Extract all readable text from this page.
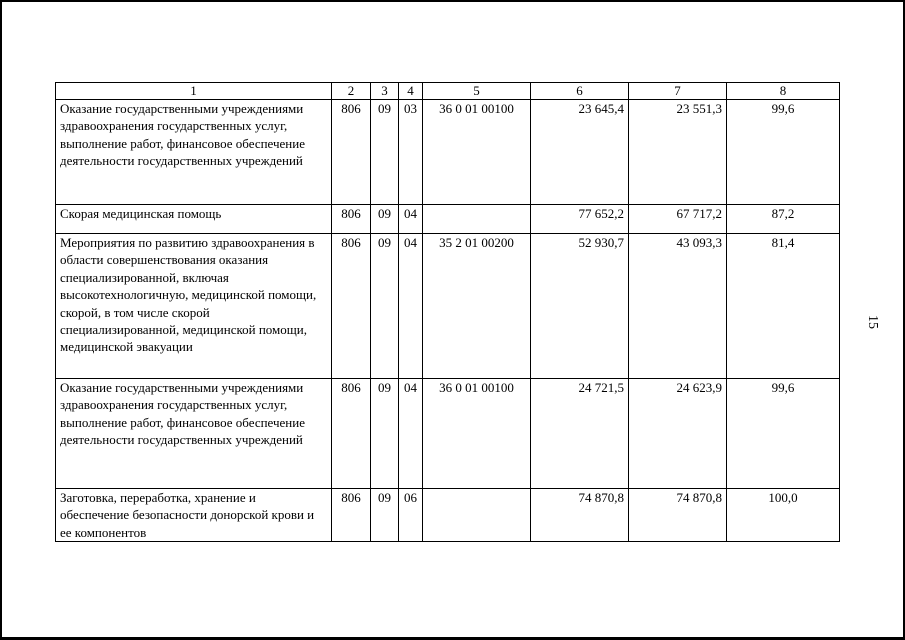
15
1	2	3	4	5	6	7	8
Оказание государственными учреждениями здравоохранения государственных услуг, выполнение работ, финансовое обеспечение деятельности государственных учреждений	806	09	03	36 0 01 00100	23 645,4	23 551,3	99,6
Скорая медицинская помощь	806	09	04		77 652,2	67 717,2	87,2
Мероприятия по развитию здравоохранения в области совершенствования оказания специализированной, включая высокотехнологичную, медицинской помощи, скорой, в том числе скорой специализированной, медицинской помощи, медицинской эвакуации	806	09	04	35 2 01 00200	52 930,7	43 093,3	81,4
Оказание государственными учреждениями здравоохранения государственных услуг, выполнение работ, финансовое обеспечение деятельности государственных учреждений	806	09	04	36 0 01 00100	24 721,5	24 623,9	99,6
Заготовка, переработка, хранение и обеспечение безопасности донорской крови и ее компонентов	806	09	06		74 870,8	74 870,8	100,0
